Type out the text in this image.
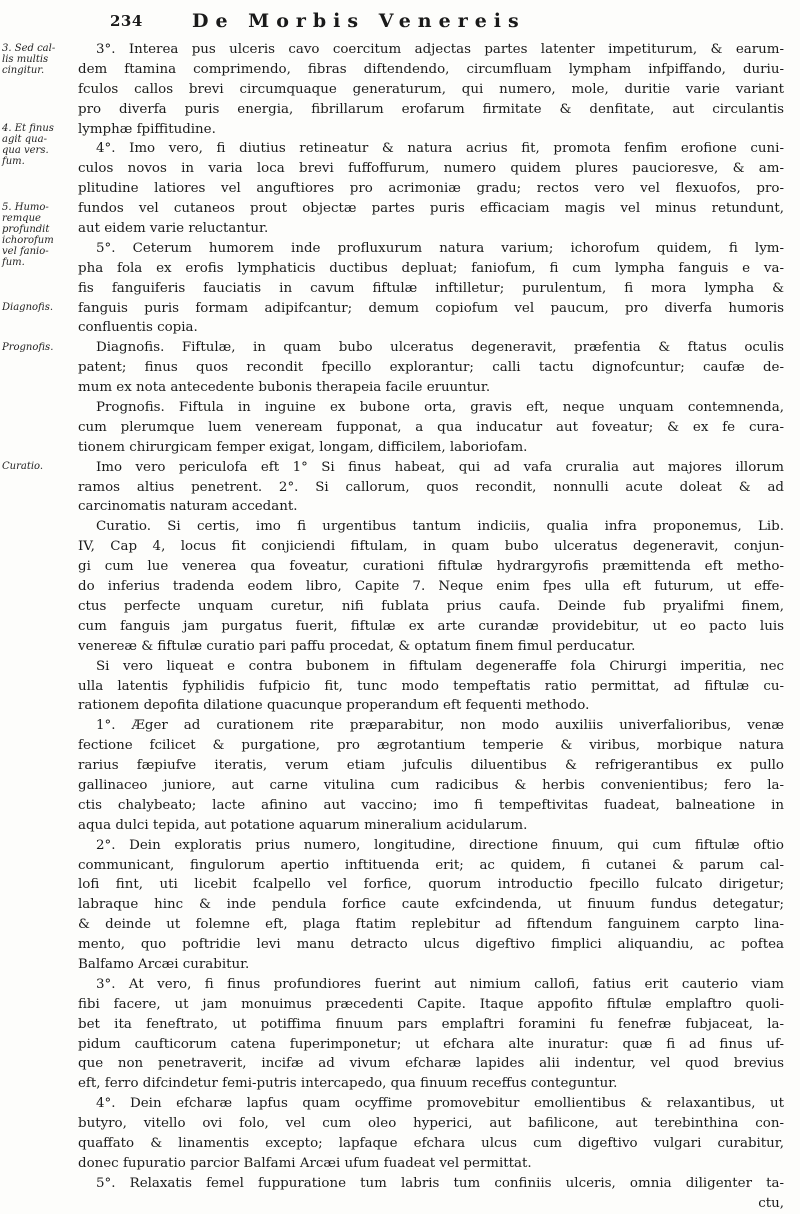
234	De Morbis Venereis
3. Sed cal-
lis multis
cingitur.
4. Et finus
agit qua-
qua vers.
fum.
5. Humo-
remque
profundit
ichorofum
vel fanio-
fum.
Diagnofis.
Prognofis.
Curatio.
3°. Interea pus ulceris cavo coercitum adjectas partes latenter impetiturum, & earum-
dem ftamina comprimendo, fibras diftendendo, circumfluam lympham infpiffando, duriu-
fculos callos brevi circumquaque generaturum, qui numero, mole, duritie varie variant
pro diverfa puris energia, fibrillarum erofarum firmitate & denfitate, aut circulantis
lymphæ fpiffitudine.
4°. Imo vero, fi diutius retineatur & natura acrius fit, promota fenfim erofione cuni-
culos novos in varia loca brevi fuffoffurum, numero quidem plures paucioresve, & am-
plitudine latiores vel anguftiores pro acrimoniæ gradu; rectos vero vel flexuofos, pro-
fundos vel cutaneos prout objectæ partes puris efficaciam magis vel minus retundunt,
aut eidem varie reluctantur.
5°. Ceterum humorem inde profluxurum natura varium; ichorofum quidem, fi lym-
pha fola ex erofis lymphaticis ductibus depluat; faniofum, fi cum lympha fanguis e va-
fis fanguiferis fauciatis in cavum fiftulæ inftilletur; purulentum, fi mora lympha &
fanguis puris formam adipifcantur; demum copiofum vel paucum, pro diverfa humoris
confluentis copia.
Diagnofis. Fiftulæ, in quam bubo ulceratus degeneravit, præfentia & ftatus oculis
patent; finus quos recondit fpecillo explorantur; calli tactu dignofcuntur; caufæ de-
mum ex nota antecedente bubonis therapeia facile eruuntur.
Prognofis. Fiftula in inguine ex bubone orta, gravis eft, neque unquam contemnenda,
cum plerumque luem veneream fupponat, a qua inducatur aut foveatur; & ex fe cura-
tionem chirurgicam femper exigat, longam, difficilem, laboriofam.
Imo vero periculofa eft 1° Si finus habeat, qui ad vafa cruralia aut majores illorum
ramos altius penetrent. 2°. Si callorum, quos recondit, nonnulli acute doleat & ad
carcinomatis naturam accedant.
Curatio. Si certis, imo fi urgentibus tantum indiciis, qualia infra proponemus, Lib.
IV, Cap 4, locus fit conjiciendi fiftulam, in quam bubo ulceratus degeneravit, conjun-
gi cum lue venerea qua foveatur, curationi fiftulæ hydrargyrofis præmittenda eft metho-
do inferius tradenda eodem libro, Capite 7. Neque enim fpes ulla eft futurum, ut effe-
ctus perfecte unquam curetur, nifi fublata prius caufa. Deinde fub pryalifmi finem,
cum fanguis jam purgatus fuerit, fiftulæ ex arte curandæ providebitur, ut eo pacto luis
venereæ & fiftulæ curatio pari paffu procedat, & optatum finem fimul perducatur.
Si vero liqueat e contra bubonem in fiftulam degeneraffe fola Chirurgi imperitia, nec
ulla latentis fyphilidis fufpicio fit, tunc modo tempeftatis ratio permittat, ad fiftulæ cu-
rationem depofita dilatione quacunque properandum eft fequenti methodo.
1°. Æger ad curationem rite præparabitur, non modo auxiliis univerfalioribus, venæ
fectione fcilicet & purgatione, pro ægrotantium temperie & viribus, morbique natura
rarius fæpiufve iteratis, verum etiam jufculis diluentibus & refrigerantibus ex pullo
gallinaceo juniore, aut carne vitulina cum radicibus & herbis convenientibus; fero la-
ctis chalybeato; lacte afinino aut vaccino; imo fi tempeftivitas fuadeat, balneatione in
aqua dulci tepida, aut potatione aquarum mineralium acidularum.
2°. Dein exploratis prius numero, longitudine, directione finuum, qui cum fiftulæ oftio
communicant, fingulorum apertio inftituenda erit; ac quidem, fi cutanei & parum cal-
lofi fint, uti licebit fcalpello vel forfice, quorum introductio fpecillo fulcato dirigetur;
labraque hinc & inde pendula forfice caute exfcindenda, ut finuum fundus detegatur;
& deinde ut folemne eft, plaga ftatim replebitur ad fiftendum fanguinem carpto lina-
mento, quo poftridie levi manu detracto ulcus digeftivo fimplici aliquandiu, ac poftea
Balfamo Arcæi curabitur.
3°. At vero, fi finus profundiores fuerint aut nimium callofi, fatius erit cauterio viam
fibi facere, ut jam monuimus præcedenti Capite. Itaque appofito fiftulæ emplaftro quoli-
bet ita feneftrato, ut potiffima finuum pars emplaftri foramini fu fenefræ fubjaceat, la-
pidum caufticorum catena fuperimponetur; ut efchara alte inuratur: quæ fi ad finus uf-
que non penetraverit, incifæ ad vivum efcharæ lapides alii indentur, vel quod brevius
eft, ferro difcindetur femi-putris intercapedo, qua finuum receffus conteguntur.
4°. Dein efcharæ lapfus quam ocyffime promovebitur emollientibus & relaxantibus, ut
butyro, vitello ovi folo, vel cum oleo hyperici, aut bafilicone, aut terebinthina con-
quaffato & linamentis excepto; lapfaque efchara ulcus cum digeftivo vulgari curabitur,
donec fupuratio parcior Balfami Arcæi ufum fuadeat vel permittat.
5°. Relaxatis femel fuppuratione tum labris tum confiniis ulceris, omnia diligenter ta-
ctu,
